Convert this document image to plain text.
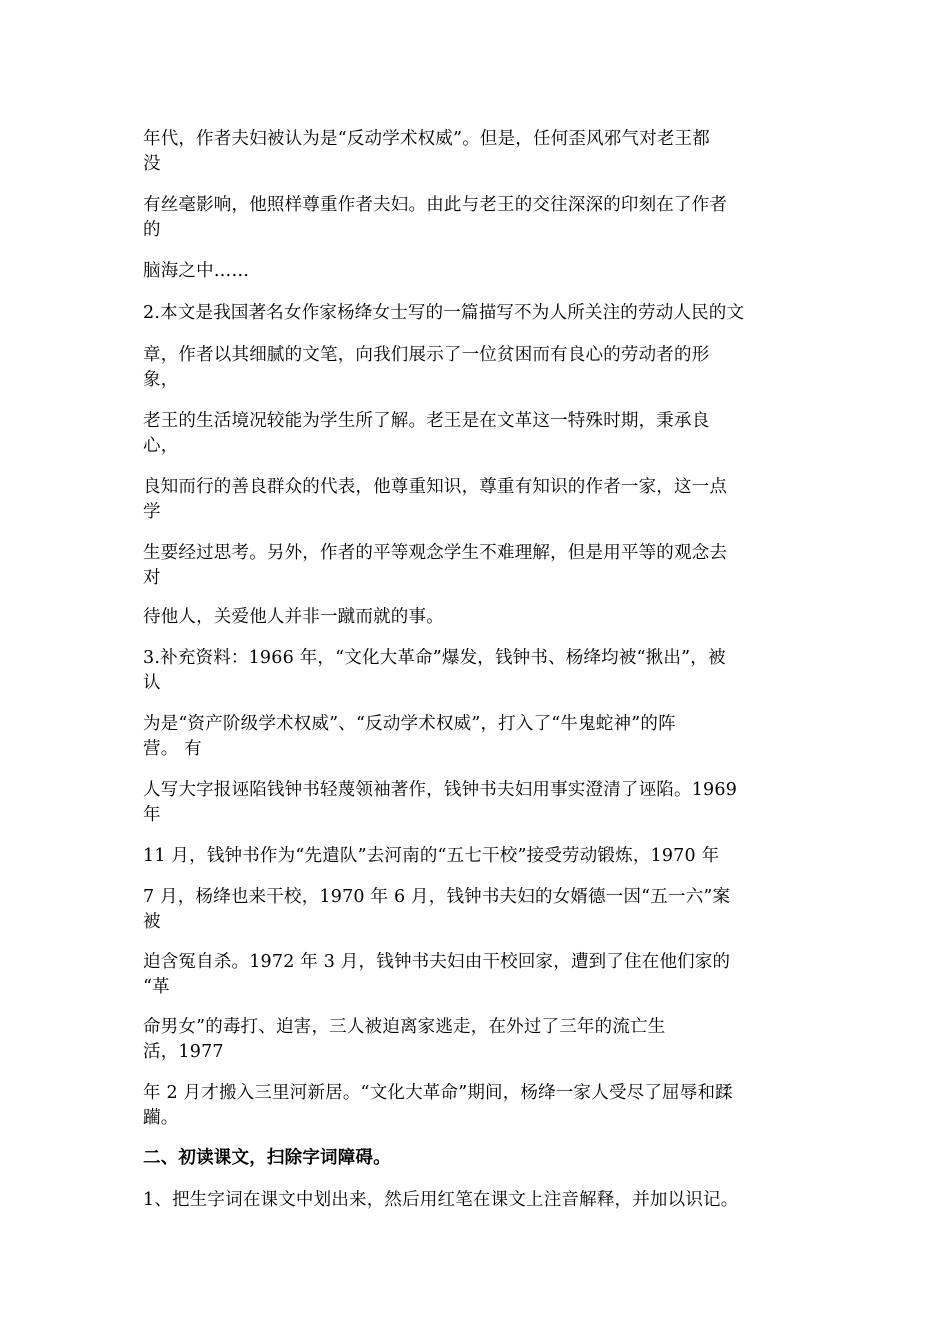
年代，作者夫妇被认为是“反动学术权威”。但是，任何歪风邪气对老王都
没
有丝毫影响，他照样尊重作者夫妇。由此与老王的交往深深的印刻在了作者
的
脑海之中……
2.本文是我国著名女作家杨绛女士写的一篇描写不为人所关注的劳动人民的文
章，作者以其细腻的文笔，向我们展示了一位贫困而有良心的劳动者的形
象，
老王的生活境况较能为学生所了解。老王是在文革这一特殊时期，秉承良
心，
良知而行的善良群众的代表，他尊重知识，尊重有知识的作者一家，这一点
学
生要经过思考。另外，作者的平等观念学生不难理解，但是用平等的观念去
对
待他人，关爱他人并非一蹴而就的事。
3.补充资料：1966 年，“文化大革命”爆发，钱钟书、杨绛均被“揪出”，被
认
为是“资产阶级学术权威”、“反动学术权威”，打入了“牛鬼蛇神”的阵
营。 有
人写大字报诬陷钱钟书轻蔑领袖著作，钱钟书夫妇用事实澄清了诬陷。1969
年
11 月，钱钟书作为“先遣队”去河南的“五七干校”接受劳动锻炼，1970 年
7 月，杨绛也来干校，1970 年 6 月，钱钟书夫妇的女婿德一因“五一六”案
被
迫含冤自杀。1972 年 3 月，钱钟书夫妇由干校回家，遭到了住在他们家的
“革
命男女”的毒打、迫害，三人被迫离家逃走，在外过了三年的流亡生
活，1977
年 2 月才搬入三里河新居。“文化大革命”期间，杨绛一家人受尽了屈辱和蹂
躏。
二、初读课文，扫除字词障碍。
1、把生字词在课文中划出来，然后用红笔在课文上注音解释，并加以识记。
